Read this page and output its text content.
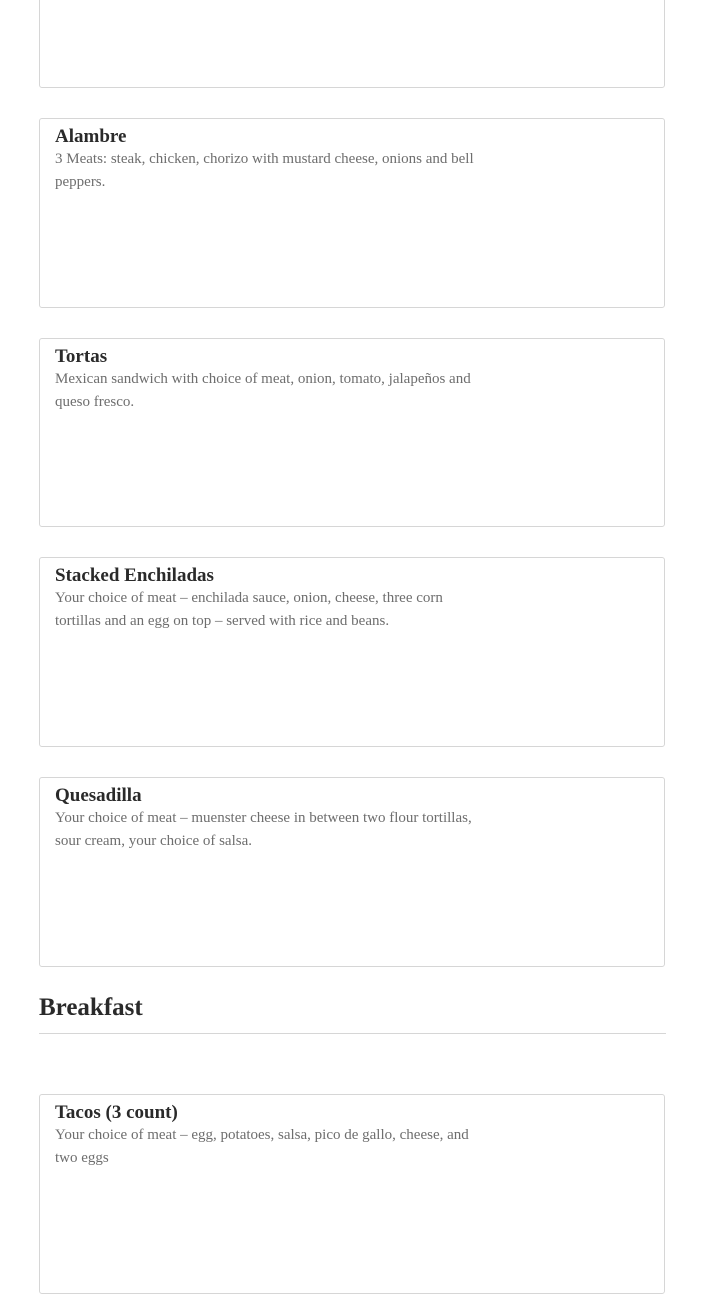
Alambre
3 Meats: steak, chicken, chorizo with mustard cheese, onions and bell peppers.
Tortas
Mexican sandwich with choice of meat, onion, tomato, jalapeños and queso fresco.
Stacked Enchiladas
Your choice of meat – enchilada sauce, onion, cheese, three corn tortillas and an egg on top – served with rice and beans.
Quesadilla
Your choice of meat – muenster cheese in between two flour tortillas, sour cream, your choice of salsa.
Breakfast
Tacos (3 count)
Your choice of meat – egg, potatoes, salsa, pico de gallo, cheese, and two eggs
